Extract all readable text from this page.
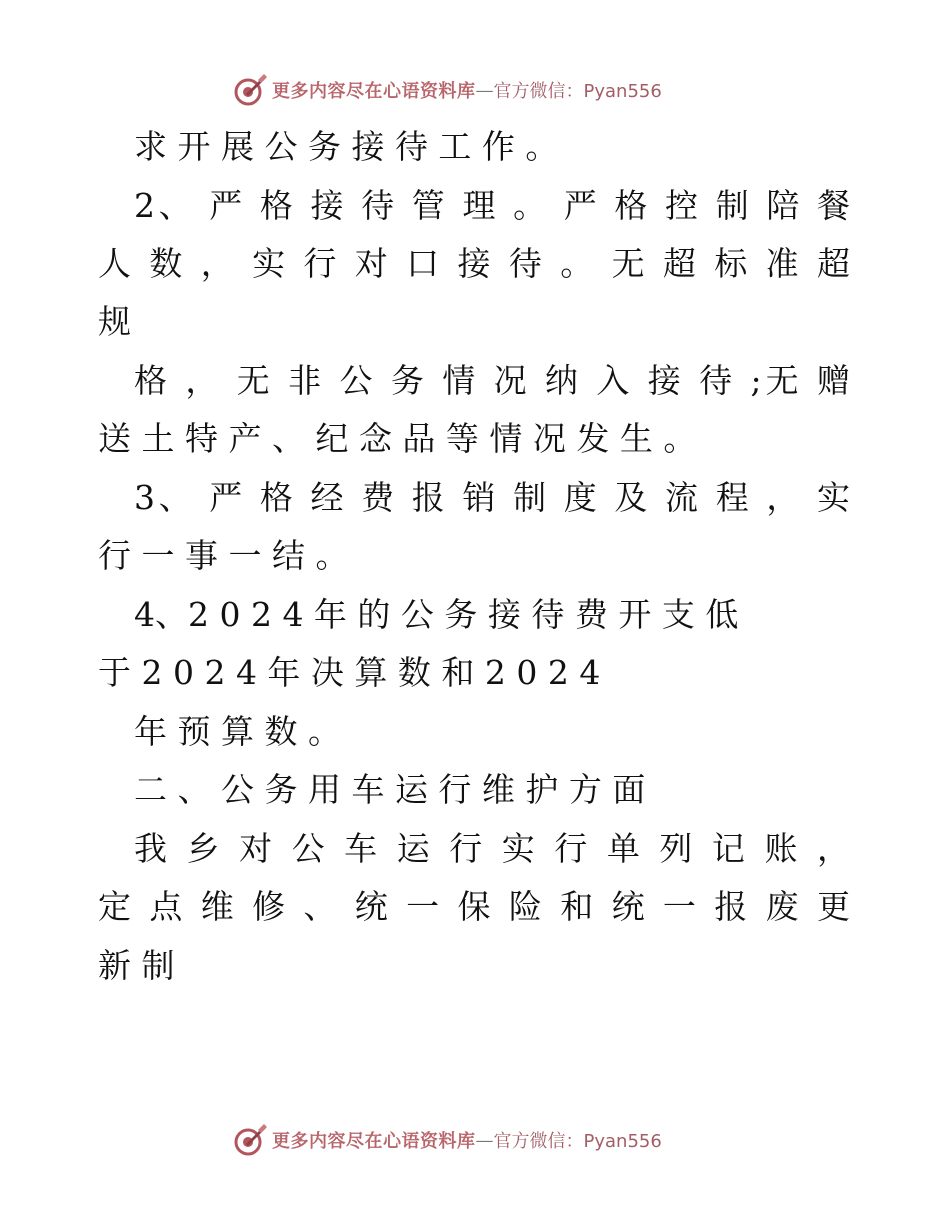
更多内容尽在心语资料库 — 官方微信：Pyan556
求 开 展 公 务 接 待 工 作 。
2、 严 格 接 待 管 理 。 严 格 控 制 陪 餐
人 数 ， 实 行 对 口 接 待 。 无 超 标 准 超
规
格 ， 无 非 公 务 情 况 纳 入 接 待 ;无 赠
送 土 特 产 、 纪 念 品 等 情 况 发 生 。
3、 严 格 经 费 报 销 制 度 及 流 程 ， 实
行 一 事 一 结 。
4、2 0 2 4 年 的 公 务 接 待 费 开 支 低
于 2 0 2 4 年 决 算 数 和 2 0 2 4
年 预 算 数 。
二 、 公 务 用 车 运 行 维 护 方 面
我 乡 对 公 车 运 行 实 行 单 列 记 账 ，
定 点 维 修 、 统 一 保 险 和 统 一 报 废 更
新 制
更多内容尽在心语资料库 — 官方微信：Pyan556
